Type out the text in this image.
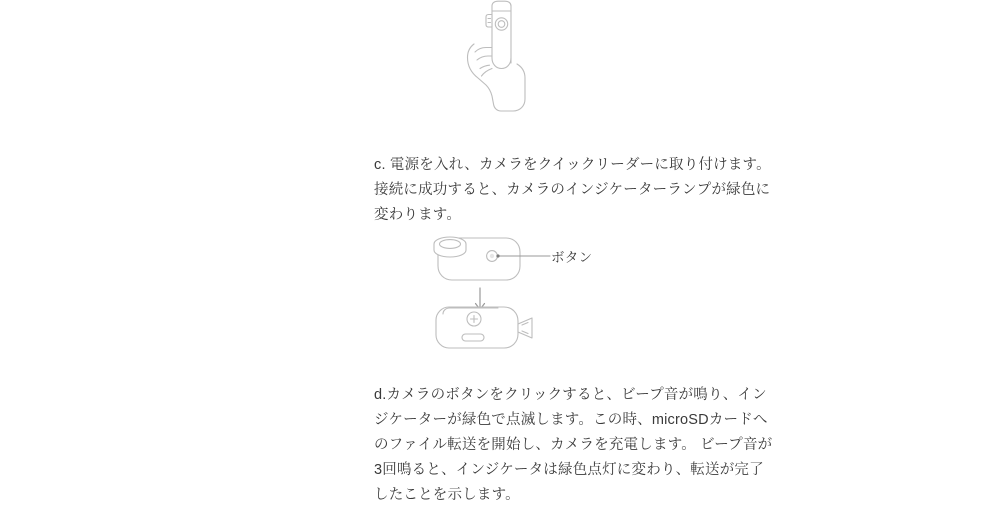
c. 電源を入れ、カメラをクイックリーダーに取り付けます。
接続に成功すると、カメラのインジケーターランプが緑色に
変わります。
ボタン
d.カメラのボタンをクリックすると、ビープ音が鳴り、イン
ジケーターが緑色で点滅します。この時、microSDカードへ
のファイル転送を開始し、カメラを充電します。 ビープ音が
3回鳴ると、インジケータは緑色点灯に変わり、転送が完了
したことを示します。
